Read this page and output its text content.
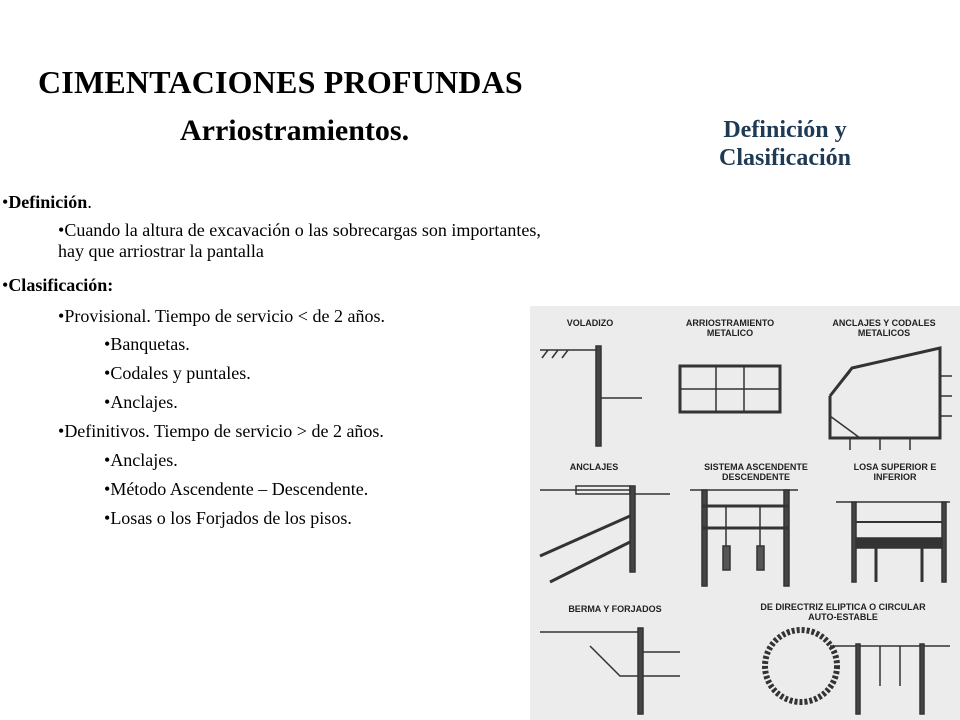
CIMENTACIONES PROFUNDAS
Arriostramientos.	Definición y Clasificación
•Definición.
•Cuando la altura de excavación o las sobrecargas son importantes, hay que arriostrar la pantalla
•Clasificación:
•Provisional. Tiempo de servicio < de 2 años.
•Banquetas.
•Codales y puntales.
•Anclajes.
•Definitivos. Tiempo de servicio > de 2 años.
•Anclajes.
•Método Ascendente – Descendente.
•Losas o los Forjados de los pisos.
VOLADIZO	ARRIOSTRAMIENTO METALICO
ANCLAJES Y CODALES METALICOS
ANCLAJES	SISTEMA ASCENDENTE DESCENDENTE
LOSA SUPERIOR E INFERIOR
BERMA Y FORJADOS	DE DIRECTRIZ ELIPTICA O CIRCULAR AUTO-ESTABLE
